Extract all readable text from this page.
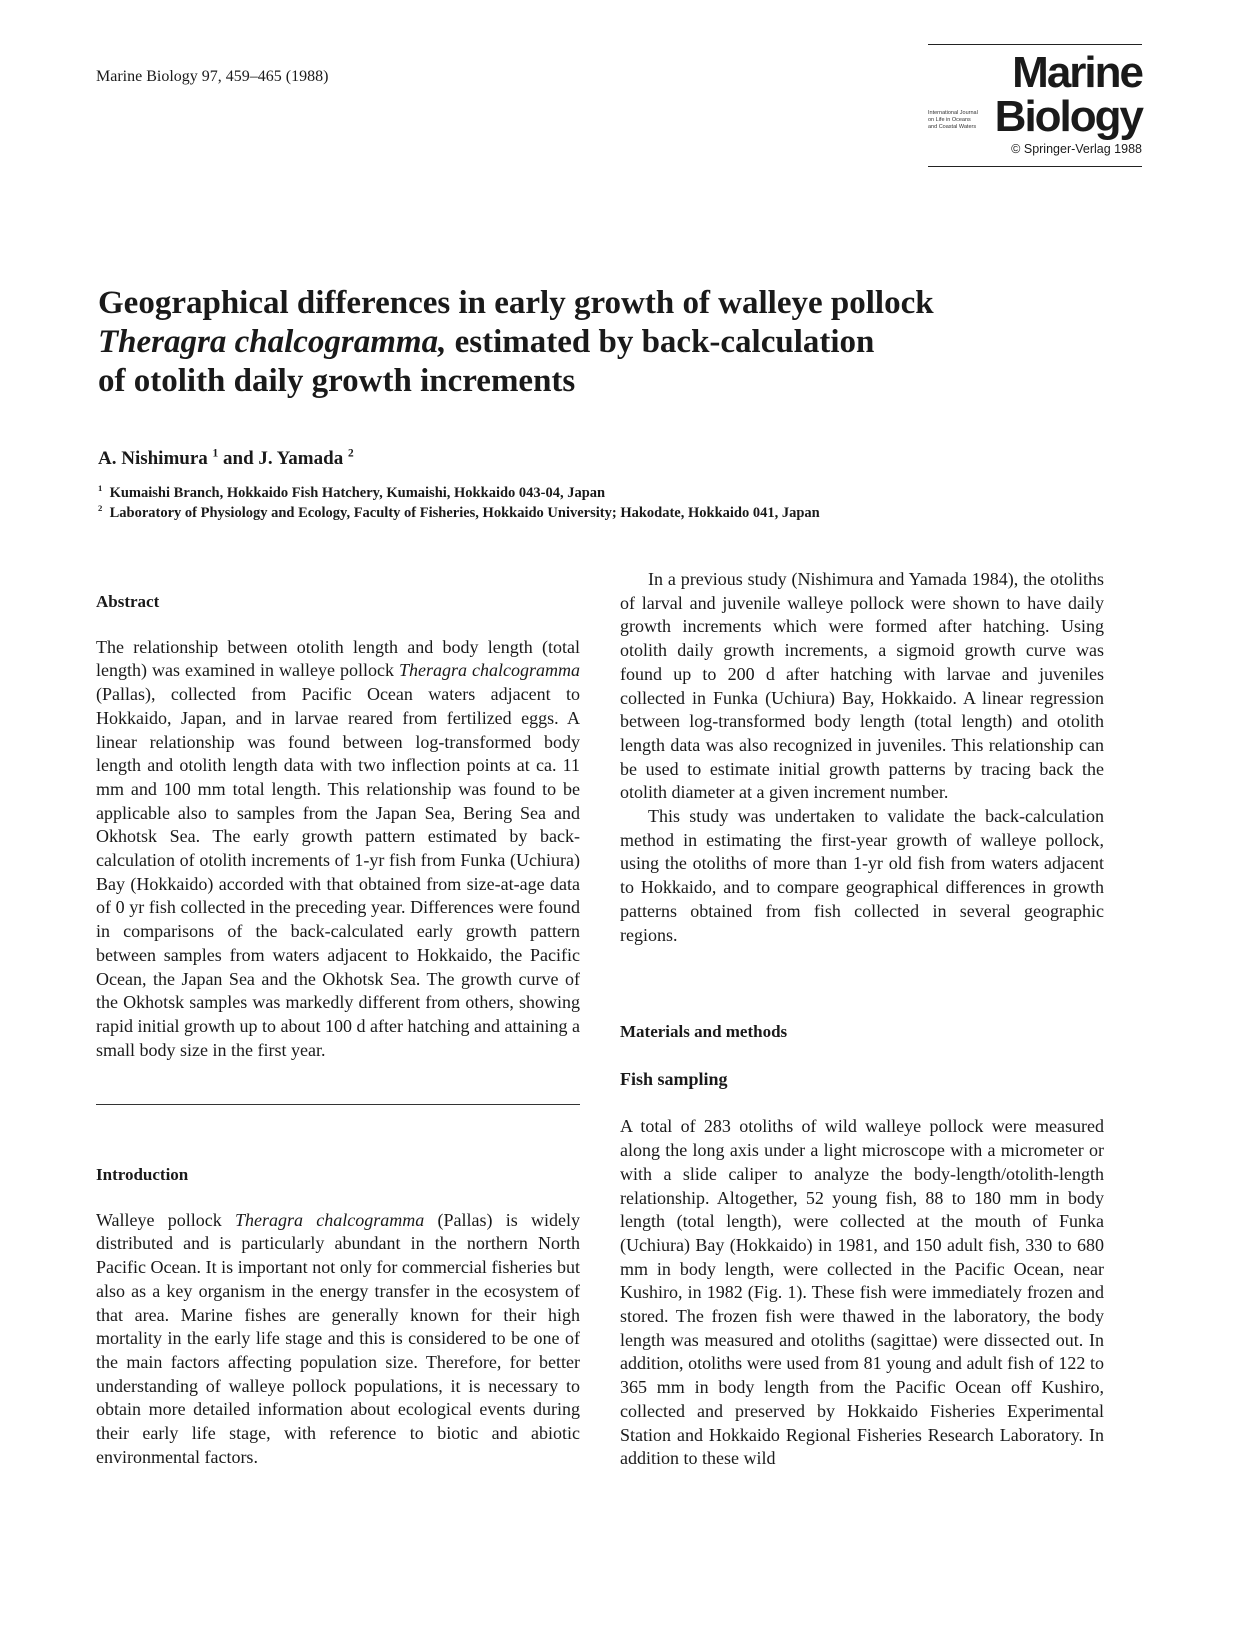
Marine Biology 97, 459–465 (1988)	Marine
International Journal
on Life in Oceans
and Coastal Waters Biology
© Springer-Verlag 1988
Geographical differences in early growth of walleye pollock
Theragra chalcogramma, estimated by back-calculation
of otolith daily growth increments
A. Nishimura $^1$ and J. Yamada $^2$
$^1$ Kumaishi Branch, Hokkaido Fish Hatchery, Kumaishi, Hokkaido 043-04, Japan
$^2$ Laboratory of Physiology and Ecology, Faculty of Fisheries, Hokkaido University; Hakodate, Hokkaido 041, Japan
Abstract

The relationship between otolith length and body length (total length) was examined in walleye pollock Theragra chalcogramma (Pallas), collected from Pacific Ocean waters adjacent to Hokkaido, Japan, and in larvae reared from fertilized eggs. A linear relationship was found between log-transformed body length and otolith length data with two inflection points at ca. 11 mm and 100 mm total length. This relationship was found to be applicable also to samples from the Japan Sea, Bering Sea and Okhotsk Sea. The early growth pattern estimated by back-calculation of otolith increments of 1-yr fish from Funka (Uchiura) Bay (Hokkaido) accorded with that obtained from size-at-age data of 0 yr fish collected in the preceding year. Differences were found in comparisons of the back-calculated early growth pattern between samples from waters adjacent to Hokkaido, the Pacific Ocean, the Japan Sea and the Okhotsk Sea. The growth curve of the Okhotsk samples was markedly different from others, showing rapid initial growth up to about 100 d after hatching and attaining a small body size in the first year.

Introduction

Walleye pollock Theragra chalcogramma (Pallas) is widely distributed and is particularly abundant in the northern North Pacific Ocean. It is important not only for commercial fisheries but also as a key organism in the energy transfer in the ecosystem of that area. Marine fishes are generally known for their high mortality in the early life stage and this is considered to be one of the main factors affecting population size. Therefore, for better understanding of walleye pollock populations, it is necessary to obtain more detailed information about ecological events during their early life stage, with reference to biotic and abiotic environmental factors.

In a previous study (Nishimura and Yamada 1984), the otoliths of larval and juvenile walleye pollock were shown to have daily growth increments which were formed after hatching. Using otolith daily growth increments, a sigmoid growth curve was found up to 200 d after hatching with larvae and juveniles collected in Funka (Uchiura) Bay, Hokkaido. A linear regression between log-transformed body length (total length) and otolith length data was also recognized in juveniles. This relationship can be used to estimate initial growth patterns by tracing back the otolith diameter at a given increment number.

This study was undertaken to validate the back-calculation method in estimating the first-year growth of walleye pollock, using the otoliths of more than 1-yr old fish from waters adjacent to Hokkaido, and to compare geographical differences in growth patterns obtained from fish collected in several geographic regions.

Materials and methods
Fish sampling

A total of 283 otoliths of wild walleye pollock were measured along the long axis under a light microscope with a micrometer or with a slide caliper to analyze the body-length/otolith-length relationship. Altogether, 52 young fish, 88 to 180 mm in body length (total length), were collected at the mouth of Funka (Uchiura) Bay (Hokkaido) in 1981, and 150 adult fish, 330 to 680 mm in body length, were collected in the Pacific Ocean, near Kushiro, in 1982 (Fig. 1). These fish were immediately frozen and stored. The frozen fish were thawed in the laboratory, the body length was measured and otoliths (sagittae) were dissected out. In addition, otoliths were used from 81 young and adult fish of 122 to 365 mm in body length from the Pacific Ocean off Kushiro, collected and preserved by Hokkaido Fisheries Experimental Station and Hokkaido Regional Fisheries Research Laboratory. In addition to these wild
